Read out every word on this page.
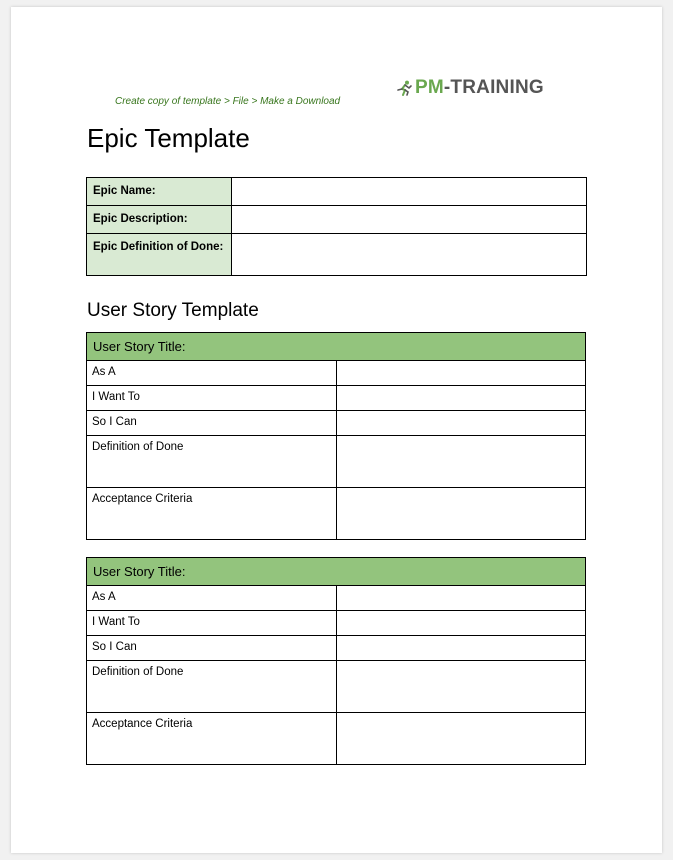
Create copy of template > File > Make a Download
PM-TRAINING
Epic Template
Epic Name:	
Epic Description:	
Epic Definition of Done:	
User Story Template
User Story Title:	
As A	
I Want To	
So I Can	
Definition of Done	
Acceptance Criteria	
User Story Title:	
As A	
I Want To	
So I Can	
Definition of Done	
Acceptance Criteria	
